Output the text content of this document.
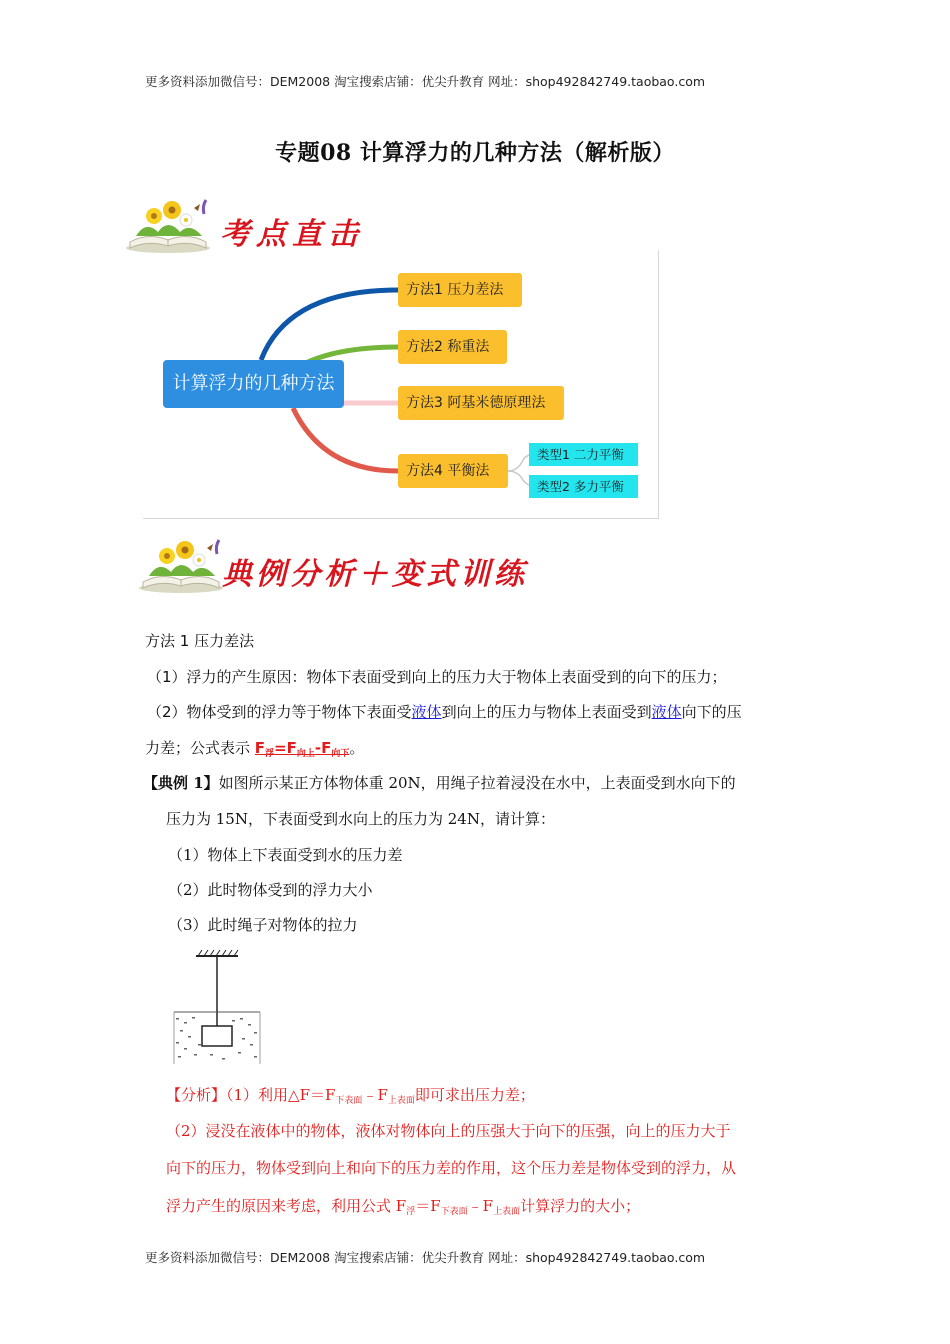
更多资料添加微信号：DEM2008 淘宝搜索店铺：优尖升教育 网址：shop492842749.taobao.com
专题08 计算浮力的几种方法（解析版）
考点直击
计算浮力的几种方法
方法1 压力差法
方法2 称重法
方法3 阿基米德原理法
方法4 平衡法
类型1 二力平衡
类型2 多力平衡
典例分析＋变式训练
方法 1 压力差法
（1）浮力的产生原因：物体下表面受到向上的压力大于物体上表面受到的向下的压力；
（2）物体受到的浮力等于物体下表面受液体到向上的压力与物体上表面受到液体向下的压
力差；公式表示 $F_浮=F_{向上}-F_{向下}$。
【典例 1】如图所示某正方体物体重 20N，用绳子拉着浸没在水中，上表面受到水向下的
压力为 15N，下表面受到水向上的压力为 24N，请计算：
（1）物体上下表面受到水的压力差
（2）此时物体受到的浮力大小
（3）此时绳子对物体的拉力
【分析】（1）利用$\triangle F=F_{下表面}﹣F_{上表面}$即可求出压力差；
（2）浸没在液体中的物体，液体对物体向上的压强大于向下的压强，向上的压力大于
向下的压力，物体受到向上和向下的压力差的作用，这个压力差是物体受到的浮力，从
浮力产生的原因来考虑，利用公式 $F_浮=F_{下表面}﹣F_{上表面}$计算浮力的大小；
更多资料添加微信号：DEM2008 淘宝搜索店铺：优尖升教育 网址：shop492842749.taobao.com
